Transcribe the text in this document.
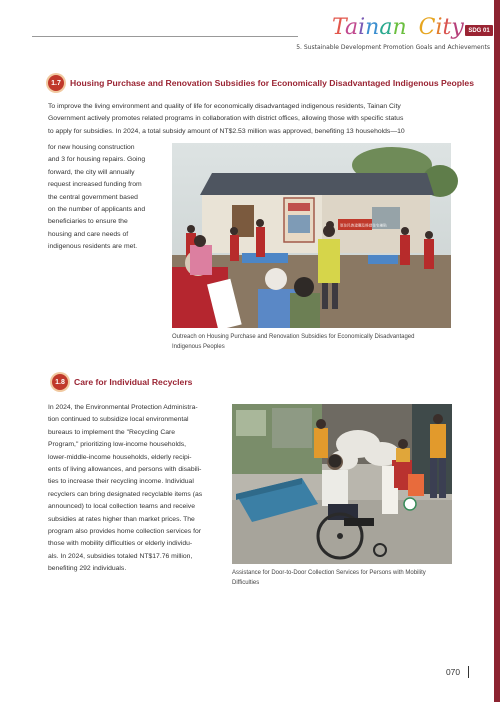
Tainan City SDG 01
5. Sustainable Development Promotion Goals and Achievements
1.7	Housing Purchase and Renovation Subsidies for Economically Disadvantaged Indigenous Peoples
To improve the living environment and quality of life for economically disadvantaged indigenous residents, Tainan City
Government actively promotes related programs in collaboration with district offices, allowing those with specific status
to apply for subsidies. In 2024, a total subsidy amount of NT$2.53 million was approved, benefiting 13 households—10
for new housing construction
and 3 for housing repairs. Going
forward, the city will annually
request increased funding from
the central government based
on the number of applicants and
beneficiaries to ensure the
housing and care needs of
indigenous residents are met.
原住民族建購及修繕住宅補貼
Outreach on Housing Purchase and Renovation Subsidies for Economically Disadvantaged
Indigenous Peoples
1.8	Care for Individual Recyclers
In 2024, the Environmental Protection Administra-
tion continued to subsidize local environmental
bureaus to implement the "Recycling Care
Program," prioritizing low-income households,
lower-middle-income households, elderly recipi-
ents of living allowances, and persons with disabili-
ties to increase their recycling income. Individual
recyclers can bring designated recyclable items (as
announced) to local collection teams and receive
subsidies at rates higher than market prices. The
program also provides home collection services for
those with mobility difficulties or elderly individu-
als. In 2024, subsidies totaled NT$17.76 million,
benefiting 292 individuals.
Assistance for Door-to-Door Collection Services for Persons with Mobility
Difficulties
070
